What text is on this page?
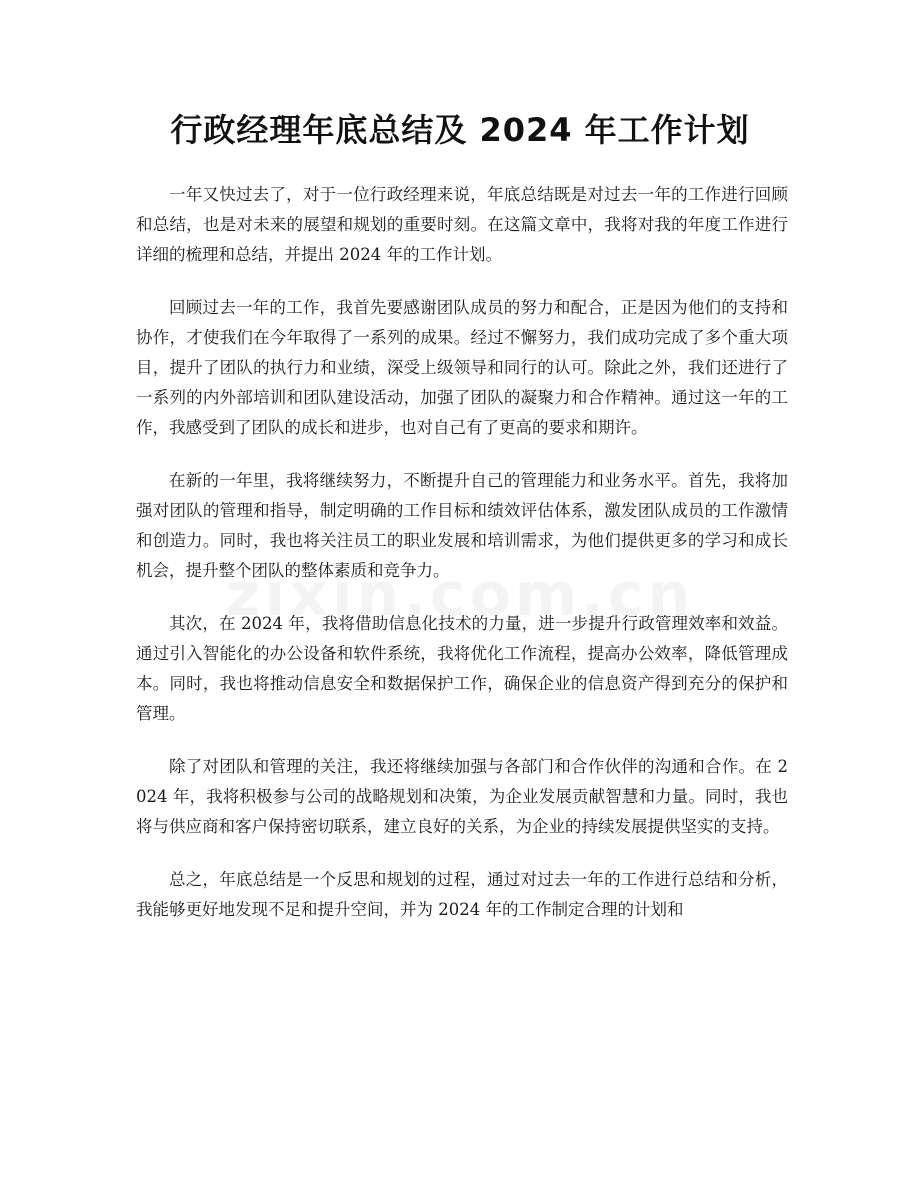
行政经理年底总结及 2024 年工作计划

一年又快过去了，对于一位行政经理来说，年底总结既是对过去一年的工作进行回顾和总结，也是对未来的展望和规划的重要时刻。在这篇文章中，我将对我的年度工作进行详细的梳理和总结，并提出 2024 年的工作计划。

回顾过去一年的工作，我首先要感谢团队成员的努力和配合，正是因为他们的支持和协作，才使我们在今年取得了一系列的成果。经过不懈努力，我们成功完成了多个重大项目，提升了团队的执行力和业绩，深受上级领导和同行的认可。除此之外，我们还进行了一系列的内外部培训和团队建设活动，加强了团队的凝聚力和合作精神。通过这一年的工作，我感受到了团队的成长和进步，也对自己有了更高的要求和期许。

在新的一年里，我将继续努力，不断提升自己的管理能力和业务水平。首先，我将加强对团队的管理和指导，制定明确的工作目标和绩效评估体系，激发团队成员的工作激情和创造力。同时，我也将关注员工的职业发展和培训需求，为他们提供更多的学习和成长机会，提升整个团队的整体素质和竞争力。

其次，在 2024 年，我将借助信息化技术的力量，进一步提升行政管理效率和效益。通过引入智能化的办公设备和软件系统，我将优化工作流程，提高办公效率，降低管理成本。同时，我也将推动信息安全和数据保护工作，确保企业的信息资产得到充分的保护和管理。

除了对团队和管理的关注，我还将继续加强与各部门和合作伙伴的沟通和合作。在 2024 年，我将积极参与公司的战略规划和决策，为企业发展贡献智慧和力量。同时，我也将与供应商和客户保持密切联系，建立良好的关系，为企业的持续发展提供坚实的支持。

总之，年底总结是一个反思和规划的过程，通过对过去一年的工作进行总结和分析，我能够更好地发现不足和提升空间，并为 2024 年的工作制定合理的计划和
